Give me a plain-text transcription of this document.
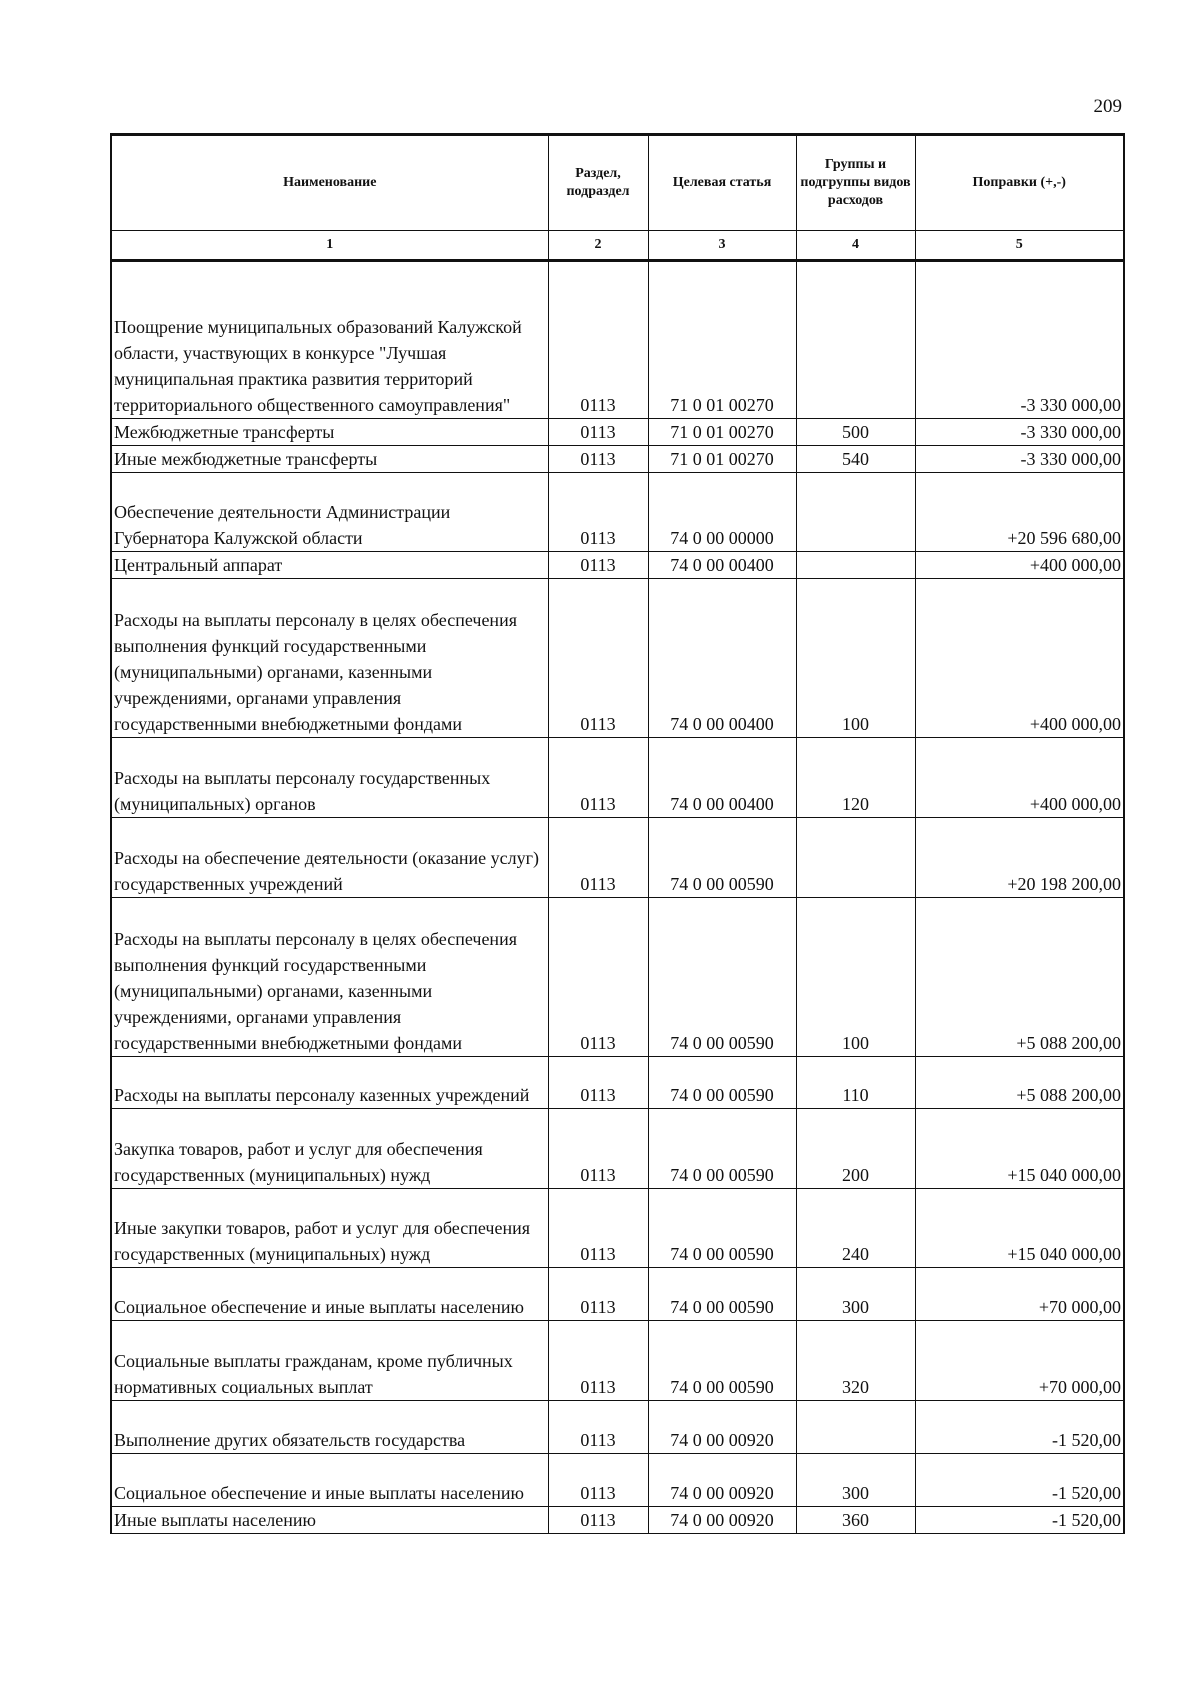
209
Наименование	Раздел, подраздел	Целевая статья	Группы и подгруппы видов расходов	Поправки (+,-)
1	2	3	4	5
Поощрение муниципальных образований Калужской области, участвующих в конкурсе "Лучшая муниципальная практика развития территорий территориального общественного самоуправления"	0113	71 0 01 00270		-3 330 000,00
Межбюджетные трансферты	0113	71 0 01 00270	500	-3 330 000,00
Иные межбюджетные трансферты	0113	71 0 01 00270	540	-3 330 000,00
Обеспечение деятельности Администрации Губернатора Калужской области	0113	74 0 00 00000		+20 596 680,00
Центральный аппарат	0113	74 0 00 00400		+400 000,00
Расходы на выплаты персоналу в целях обеспечения выполнения функций государственными (муниципальными) органами, казенными учреждениями, органами управления государственными внебюджетными фондами	0113	74 0 00 00400	100	+400 000,00
Расходы на выплаты персоналу государственных (муниципальных) органов	0113	74 0 00 00400	120	+400 000,00
Расходы на обеспечение деятельности (оказание услуг) государственных учреждений	0113	74 0 00 00590		+20 198 200,00
Расходы на выплаты персоналу в целях обеспечения выполнения функций государственными (муниципальными) органами, казенными учреждениями, органами управления государственными внебюджетными фондами	0113	74 0 00 00590	100	+5 088 200,00
Расходы на выплаты персоналу казенных учреждений	0113	74 0 00 00590	110	+5 088 200,00
Закупка товаров, работ и услуг для обеспечения государственных (муниципальных) нужд	0113	74 0 00 00590	200	+15 040 000,00
Иные закупки товаров, работ и услуг для обеспечения государственных (муниципальных) нужд	0113	74 0 00 00590	240	+15 040 000,00
Социальное обеспечение и иные выплаты населению	0113	74 0 00 00590	300	+70 000,00
Социальные выплаты гражданам, кроме публичных нормативных социальных выплат	0113	74 0 00 00590	320	+70 000,00
Выполнение других обязательств государства	0113	74 0 00 00920		-1 520,00
Социальное обеспечение и иные выплаты населению	0113	74 0 00 00920	300	-1 520,00
Иные выплаты населению	0113	74 0 00 00920	360	-1 520,00
